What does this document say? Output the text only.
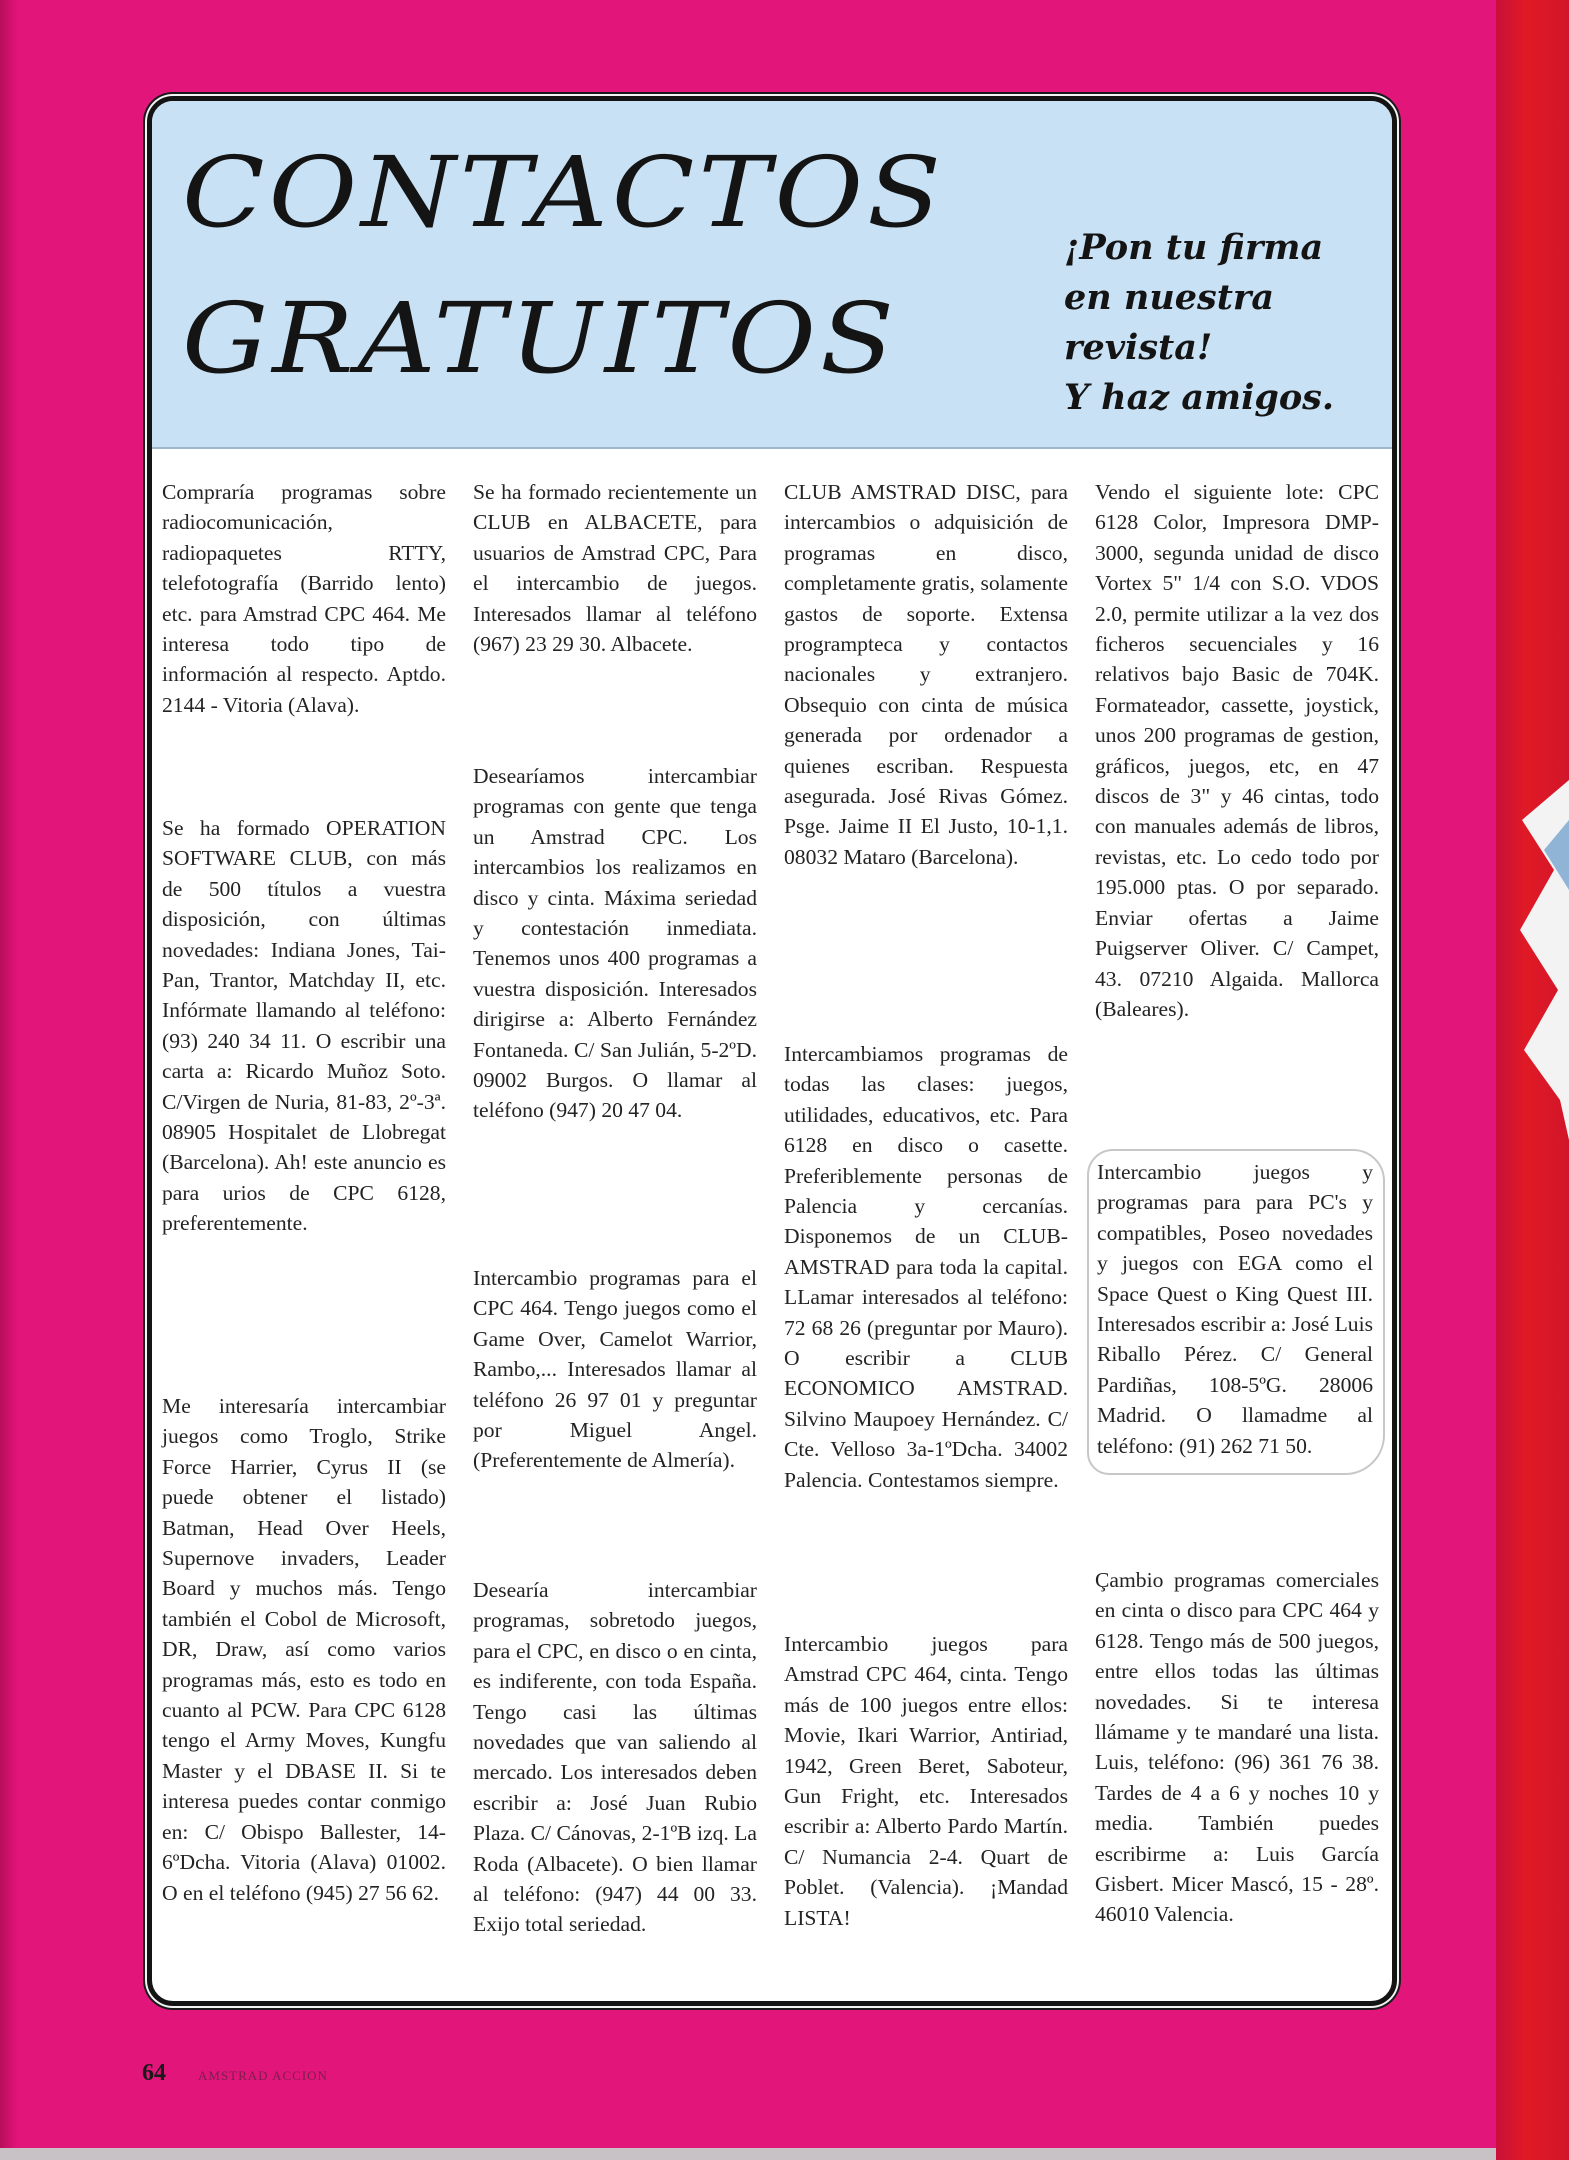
CONTACTOS
GRATUITOS
¡Pon tu firma
en nuestra
revista!
Y haz amigos.
Compraría programas sobre radiocomunicación, radiopaquetes RTTY, telefotografía (Barrido lento) etc. para Amstrad CPC 464. Me interesa todo tipo de información al respecto. Aptdo. 2144 - Vitoria (Alava).
Se ha formado OPERATION SOFTWARE CLUB, con más de 500 títulos a vuestra disposición, con últimas novedades: Indiana Jones, Tai-Pan, Trantor, Matchday II, etc. Infórmate llamando al teléfono: (93) 240 34 11. O escribir una carta a: Ricardo Muñoz Soto. C/Virgen de Nuria, 81-83, 2º-3ª. 08905 Hospitalet de Llobregat (Barcelona). Ah! este anuncio es para urios de CPC 6128, preferentemente.
Me interesaría intercambiar juegos como Troglo, Strike Force Harrier, Cyrus II (se puede obtener el listado) Batman, Head Over Heels, Supernove invaders, Leader Board y muchos más. Tengo también el Cobol de Microsoft, DR, Draw, así como varios programas más, esto es todo en cuanto al PCW. Para CPC 6128 tengo el Army Moves, Kungfu Master y el DBASE II. Si te interesa puedes contar conmigo en: C/ Obispo Ballester, 14-6ºDcha. Vitoria (Alava) 01002. O en el teléfono (945) 27 56 62.
Se ha formado recientemente un CLUB en ALBACETE, para usuarios de Amstrad CPC, Para el intercambio de juegos. Interesados llamar al teléfono (967) 23 29 30. Albacete.
Desearíamos intercambiar programas con gente que tenga un Amstrad CPC. Los intercambios los realizamos en disco y cinta. Máxima seriedad y contestación inmediata. Tenemos unos 400 programas a vuestra disposición. Interesados dirigirse a: Alberto Fernández Fontaneda. C/ San Julián, 5-2ºD. 09002 Burgos. O llamar al teléfono (947) 20 47 04.
Intercambio programas para el CPC 464. Tengo juegos como el Game Over, Camelot Warrior, Rambo,... Interesados llamar al teléfono 26 97 01 y preguntar por Miguel Angel. (Preferentemente de Almería).
Desearía intercambiar programas, sobretodo juegos, para el CPC, en disco o en cinta, es indiferente, con toda España. Tengo casi las últimas novedades que van saliendo al mercado. Los interesados deben escribir a: José Juan Rubio Plaza. C/ Cánovas, 2-1ºB izq. La Roda (Albacete). O bien llamar al teléfono: (947) 44 00 33. Exijo total seriedad.
CLUB AMSTRAD DISC, para intercambios o adquisición de programas en disco, completamente gratis, solamente gastos de soporte. Extensa programpteca y contactos nacionales y extranjero. Obsequio con cinta de música generada por ordenador a quienes escriban. Respuesta asegurada. José Rivas Gómez. Psge. Jaime II El Justo, 10-1,1. 08032 Mataro (Barcelona).
Intercambiamos programas de todas las clases: juegos, utilidades, educativos, etc. Para 6128 en disco o casette. Preferiblemente personas de Palencia y cercanías. Disponemos de un CLUB-AMSTRAD para toda la capital. LLamar interesados al teléfono: 72 68 26 (preguntar por Mauro). O escribir a CLUB ECONOMICO AMSTRAD. Silvino Maupoey Hernández. C/ Cte. Velloso 3a-1ºDcha. 34002 Palencia. Contestamos siempre.
Intercambio juegos para Amstrad CPC 464, cinta. Tengo más de 100 juegos entre ellos: Movie, Ikari Warrior, Antiriad, 1942, Green Beret, Saboteur, Gun Fright, etc. Interesados escribir a: Alberto Pardo Martín. C/ Numancia 2-4. Quart de Poblet. (Valencia). ¡Mandad LISTA!
Vendo el siguiente lote: CPC 6128 Color, Impresora DMP-3000, segunda unidad de disco Vortex 5" 1/4 con S.O. VDOS 2.0, permite utilizar a la vez dos ficheros secuenciales y 16 relativos bajo Basic de 704K. Formateador, cassette, joystick, unos 200 programas de gestion, gráficos, juegos, etc, en 47 discos de 3" y 46 cintas, todo con manuales además de libros, revistas, etc. Lo cedo todo por 195.000 ptas. O por separado. Enviar ofertas a Jaime Puigserver Oliver. C/ Campet, 43. 07210 Algaida. Mallorca (Baleares).
Intercambio juegos y programas para para PC's y compatibles, Poseo novedades y juegos con EGA como el Space Quest o King Quest III. Interesados escribir a: José Luis Riballo Pérez. C/ General Pardiñas, 108-5ºG. 28006 Madrid. O llamadme al teléfono: (91) 262 71 50.
Çambio programas comerciales en cinta o disco para CPC 464 y 6128. Tengo más de 500 juegos, entre ellos todas las últimas novedades. Si te interesa llámame y te mandaré una lista. Luis, teléfono: (96) 361 76 38. Tardes de 4 a 6 y noches 10 y media. También puedes escribirme a: Luis García Gisbert. Micer Mascó, 15 - 28º. 46010 Valencia.
64 AMSTRAD ACCION
